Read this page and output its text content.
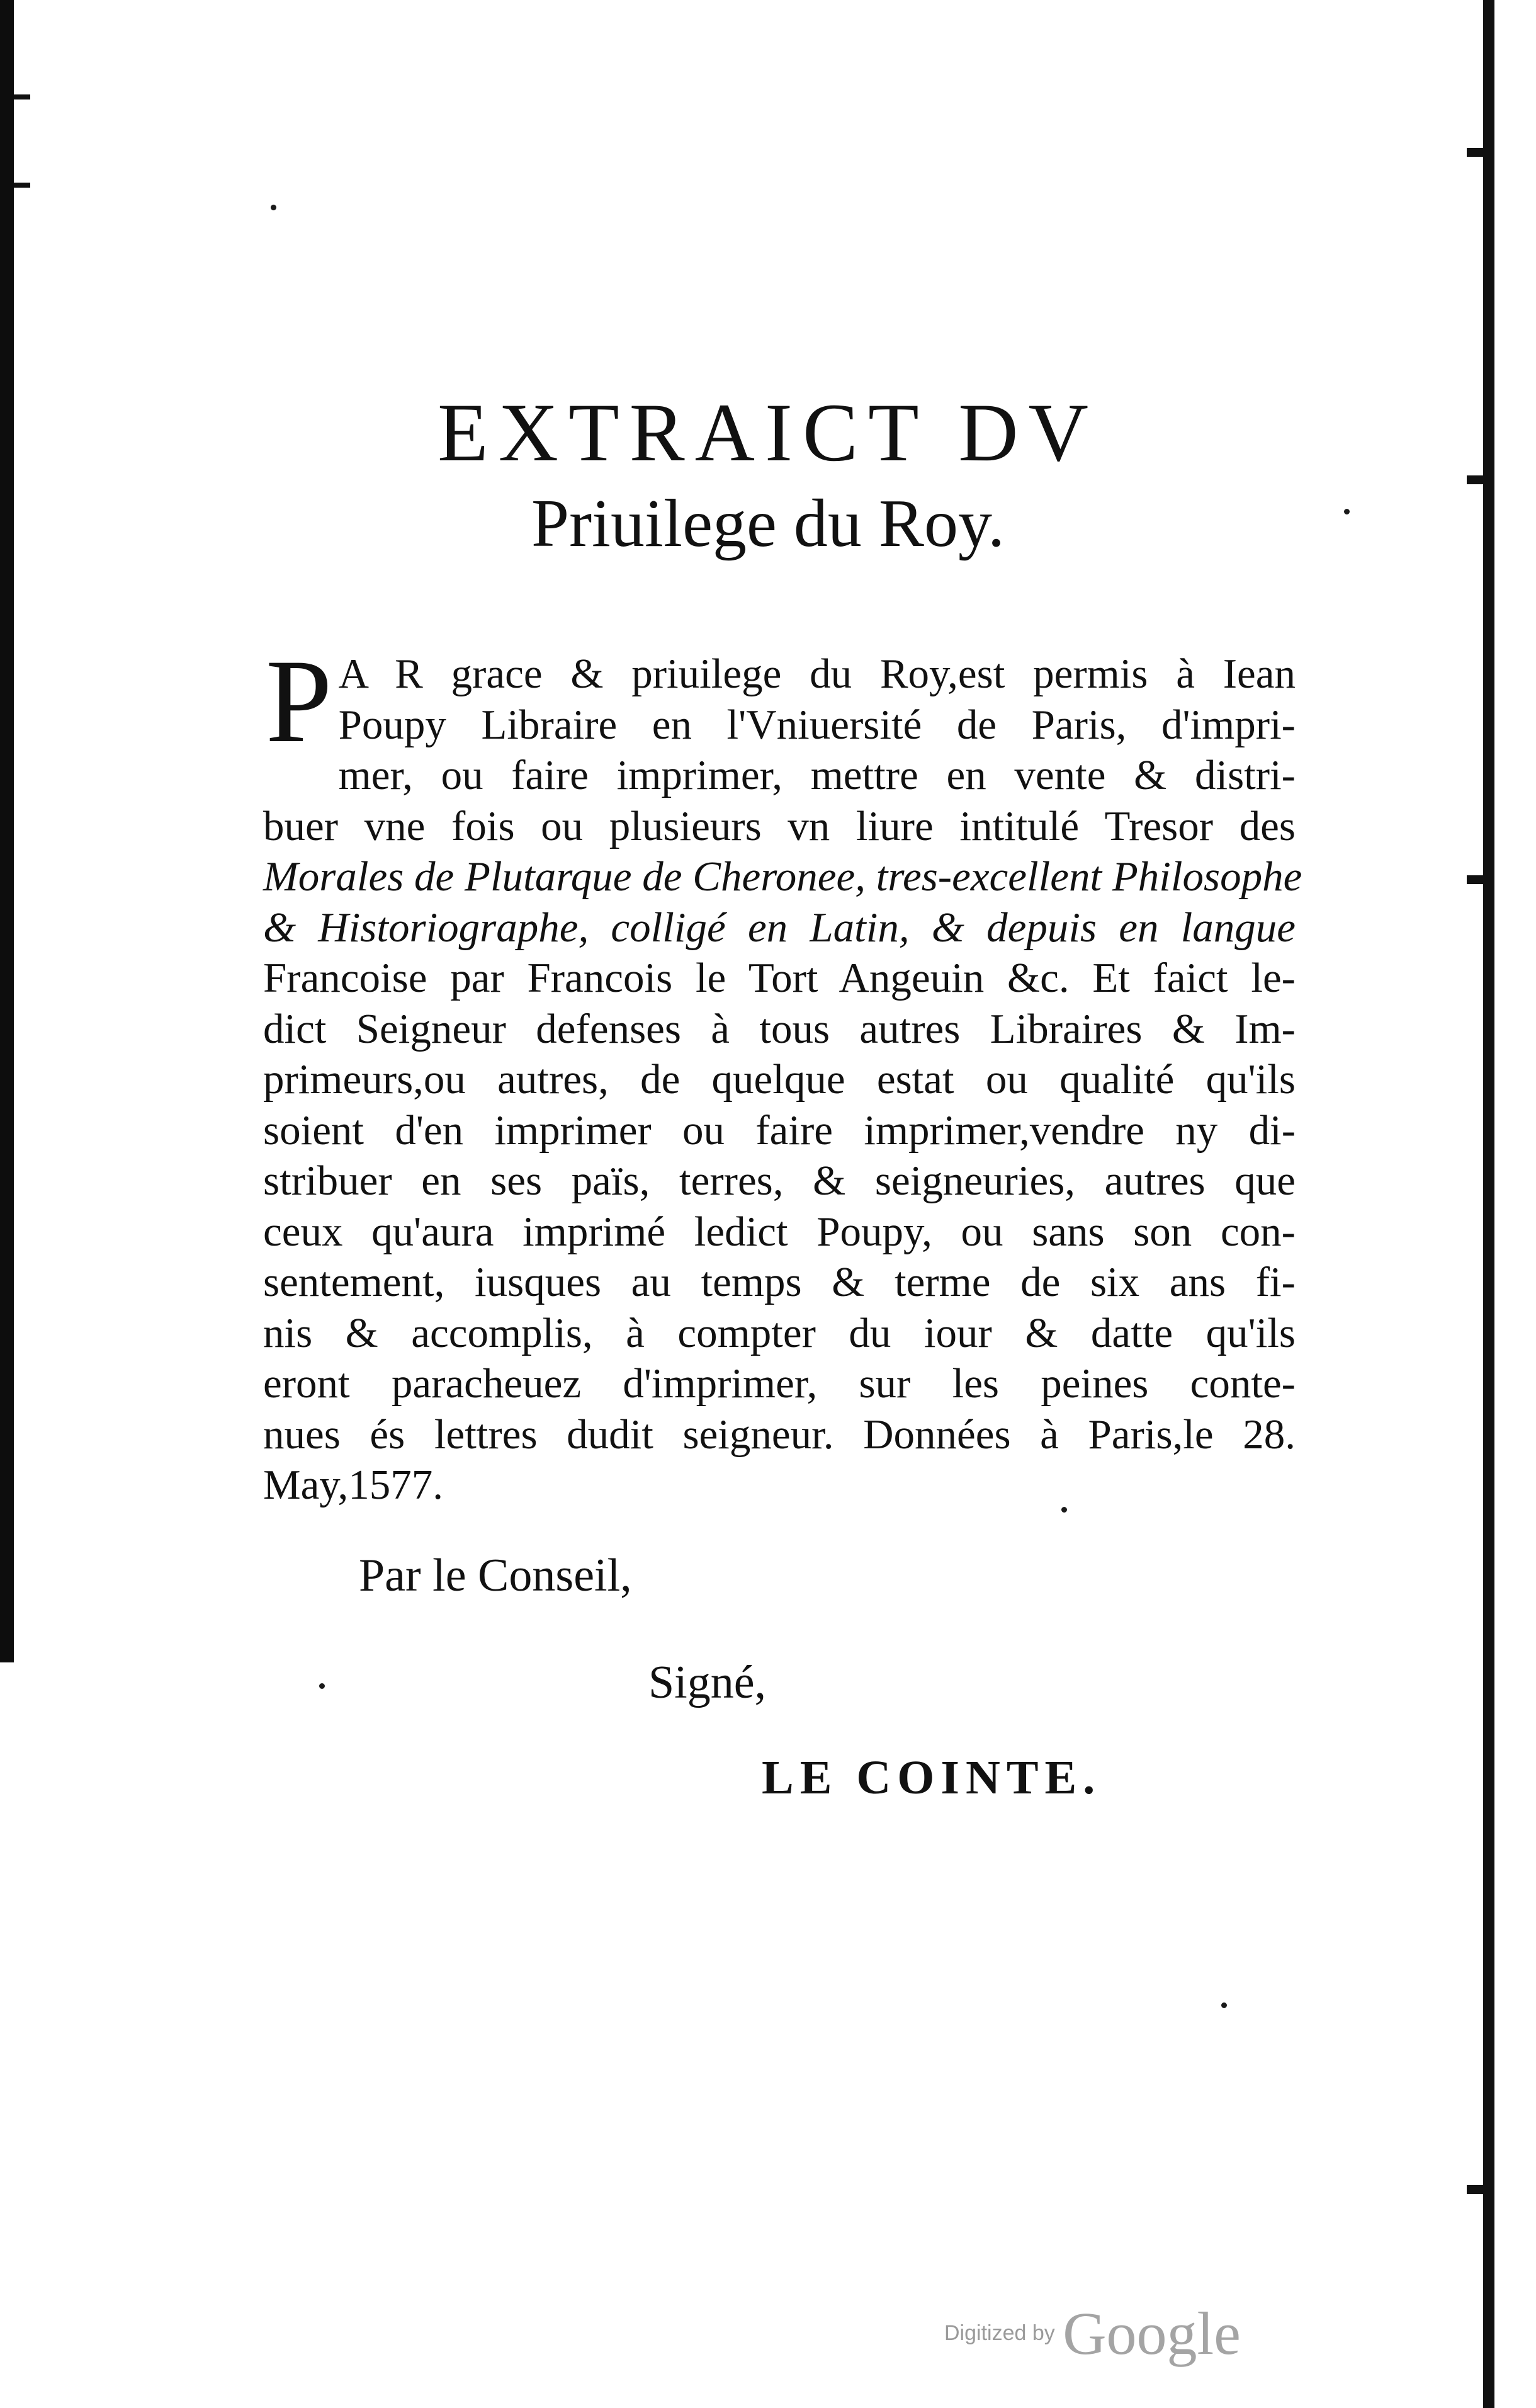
EXTRAICT DV
Priuilege du Roy.
P A R grace & priuilege du Roy,est permis à Iean
Poupy Libraire en l'Vniuersité de Paris, d'impri-
mer, ou faire imprimer, mettre en vente & distri-
buer vne fois ou plusieurs vn liure intitulé Tresor des
Morales de Plutarque de Cheronee, tres-excellent Philosophe
& Historiographe, colligé en Latin, & depuis en langue
Francoise par Francois le Tort Angeuin &c. Et faict le-
dict Seigneur defenses à tous autres Libraires & Im-
primeurs,ou autres, de quelque estat ou qualité qu'ils
soient d'en imprimer ou faire imprimer,vendre ny di-
stribuer en ses païs, terres, & seigneuries, autres que
ceux qu'aura imprimé ledict Poupy, ou sans son con-
sentement, iusques au temps & terme de six ans fi-
nis & accomplis, à compter du iour & datte qu'ils
eront paracheuez d'imprimer, sur les peines conte-
nues és lettres dudit seigneur. Données à Paris,le 28.
May,1577.
Par le Conseil,
Signé,
LE COINTE.
Digitized by Google
